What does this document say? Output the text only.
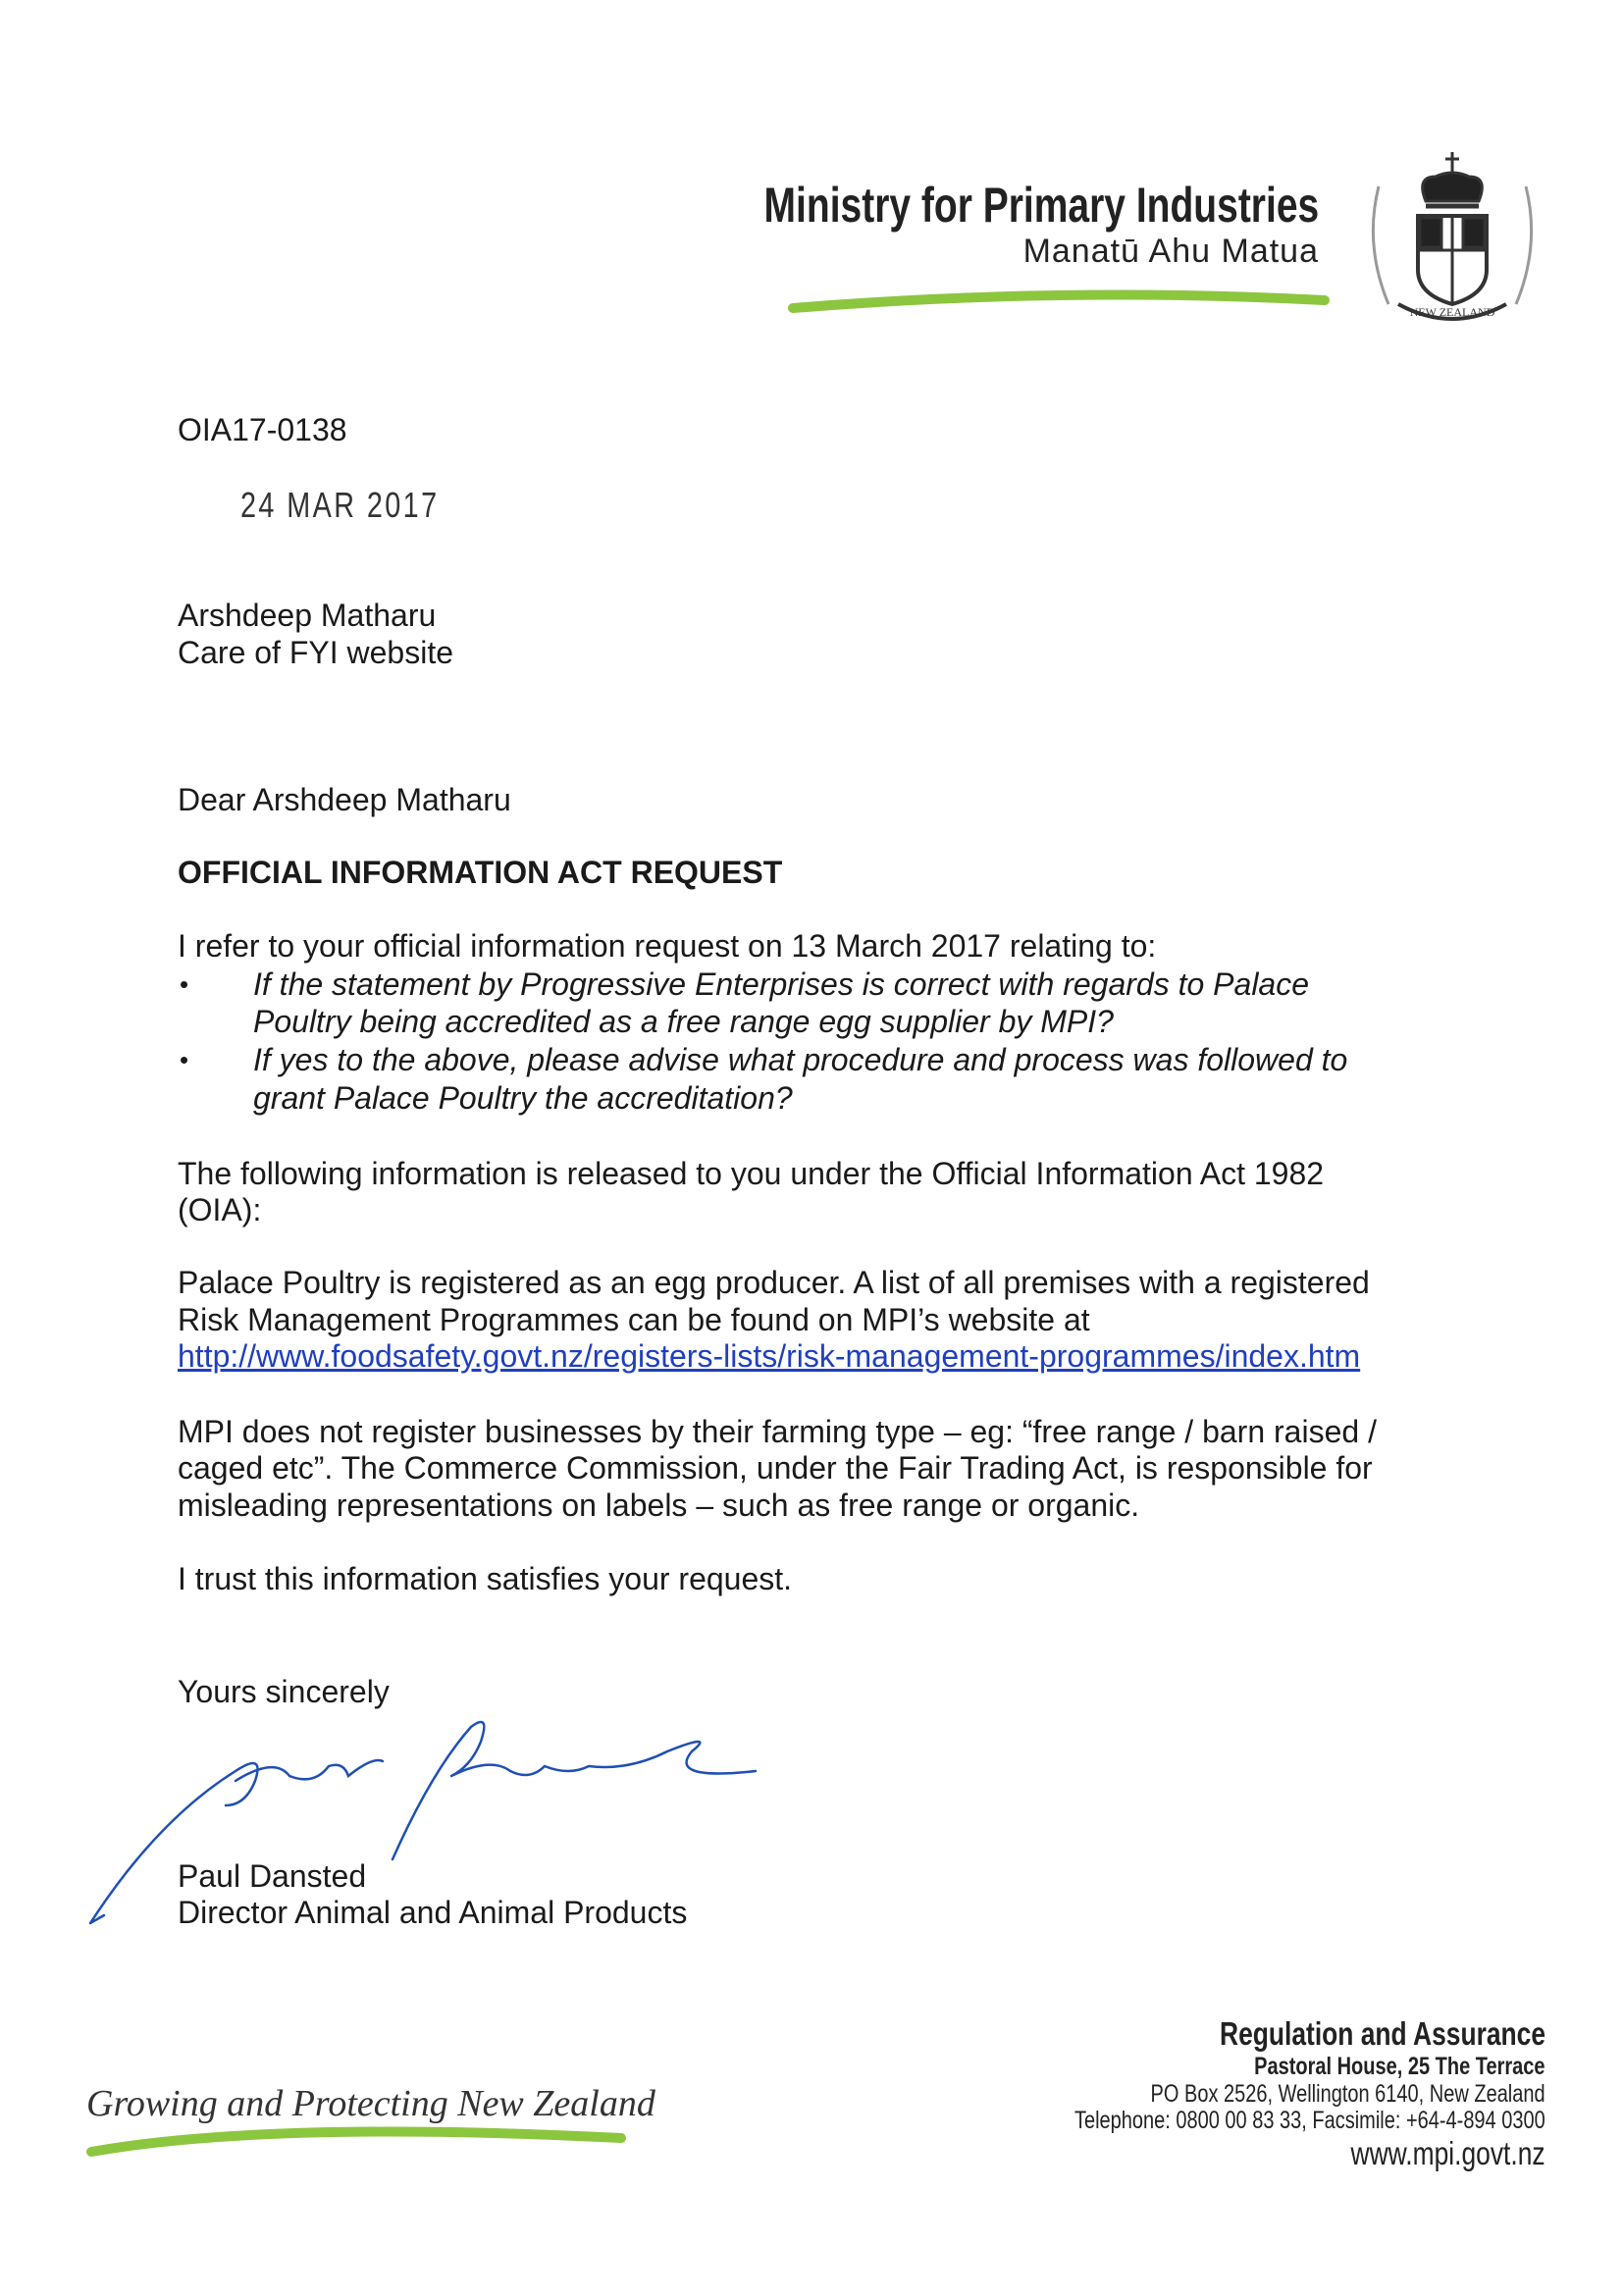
Ministry for Primary Industries
Manatū Ahu Matua
NEW ZEALAND
OIA17-0138
24 MAR 2017
Arshdeep Matharu
Care of FYI website
Dear Arshdeep Matharu
OFFICIAL INFORMATION ACT REQUEST
I refer to your official information request on 13 March 2017 relating to:
• If the statement by Progressive Enterprises is correct with regards to Palace
Poultry being accredited as a free range egg supplier by MPI?
• If yes to the above, please advise what procedure and process was followed to
grant Palace Poultry the accreditation?
The following information is released to you under the Official Information Act 1982
(OIA):
Palace Poultry is registered as an egg producer. A list of all premises with a registered
Risk Management Programmes can be found on MPI’s website at
http://www.foodsafety.govt.nz/registers-lists/risk-management-programmes/index.htm
MPI does not register businesses by their farming type – eg: “free range / barn raised /
caged etc”. The Commerce Commission, under the Fair Trading Act, is responsible for
misleading representations on labels – such as free range or organic.
I trust this information satisfies your request.
Yours sincerely
Paul Dansted
Director Animal and Animal Products
Growing and Protecting New Zealand
Regulation and Assurance
Pastoral House, 25 The Terrace
PO Box 2526, Wellington 6140, New Zealand
Telephone: 0800 00 83 33, Facsimile: +64-4-894 0300
www.mpi.govt.nz
